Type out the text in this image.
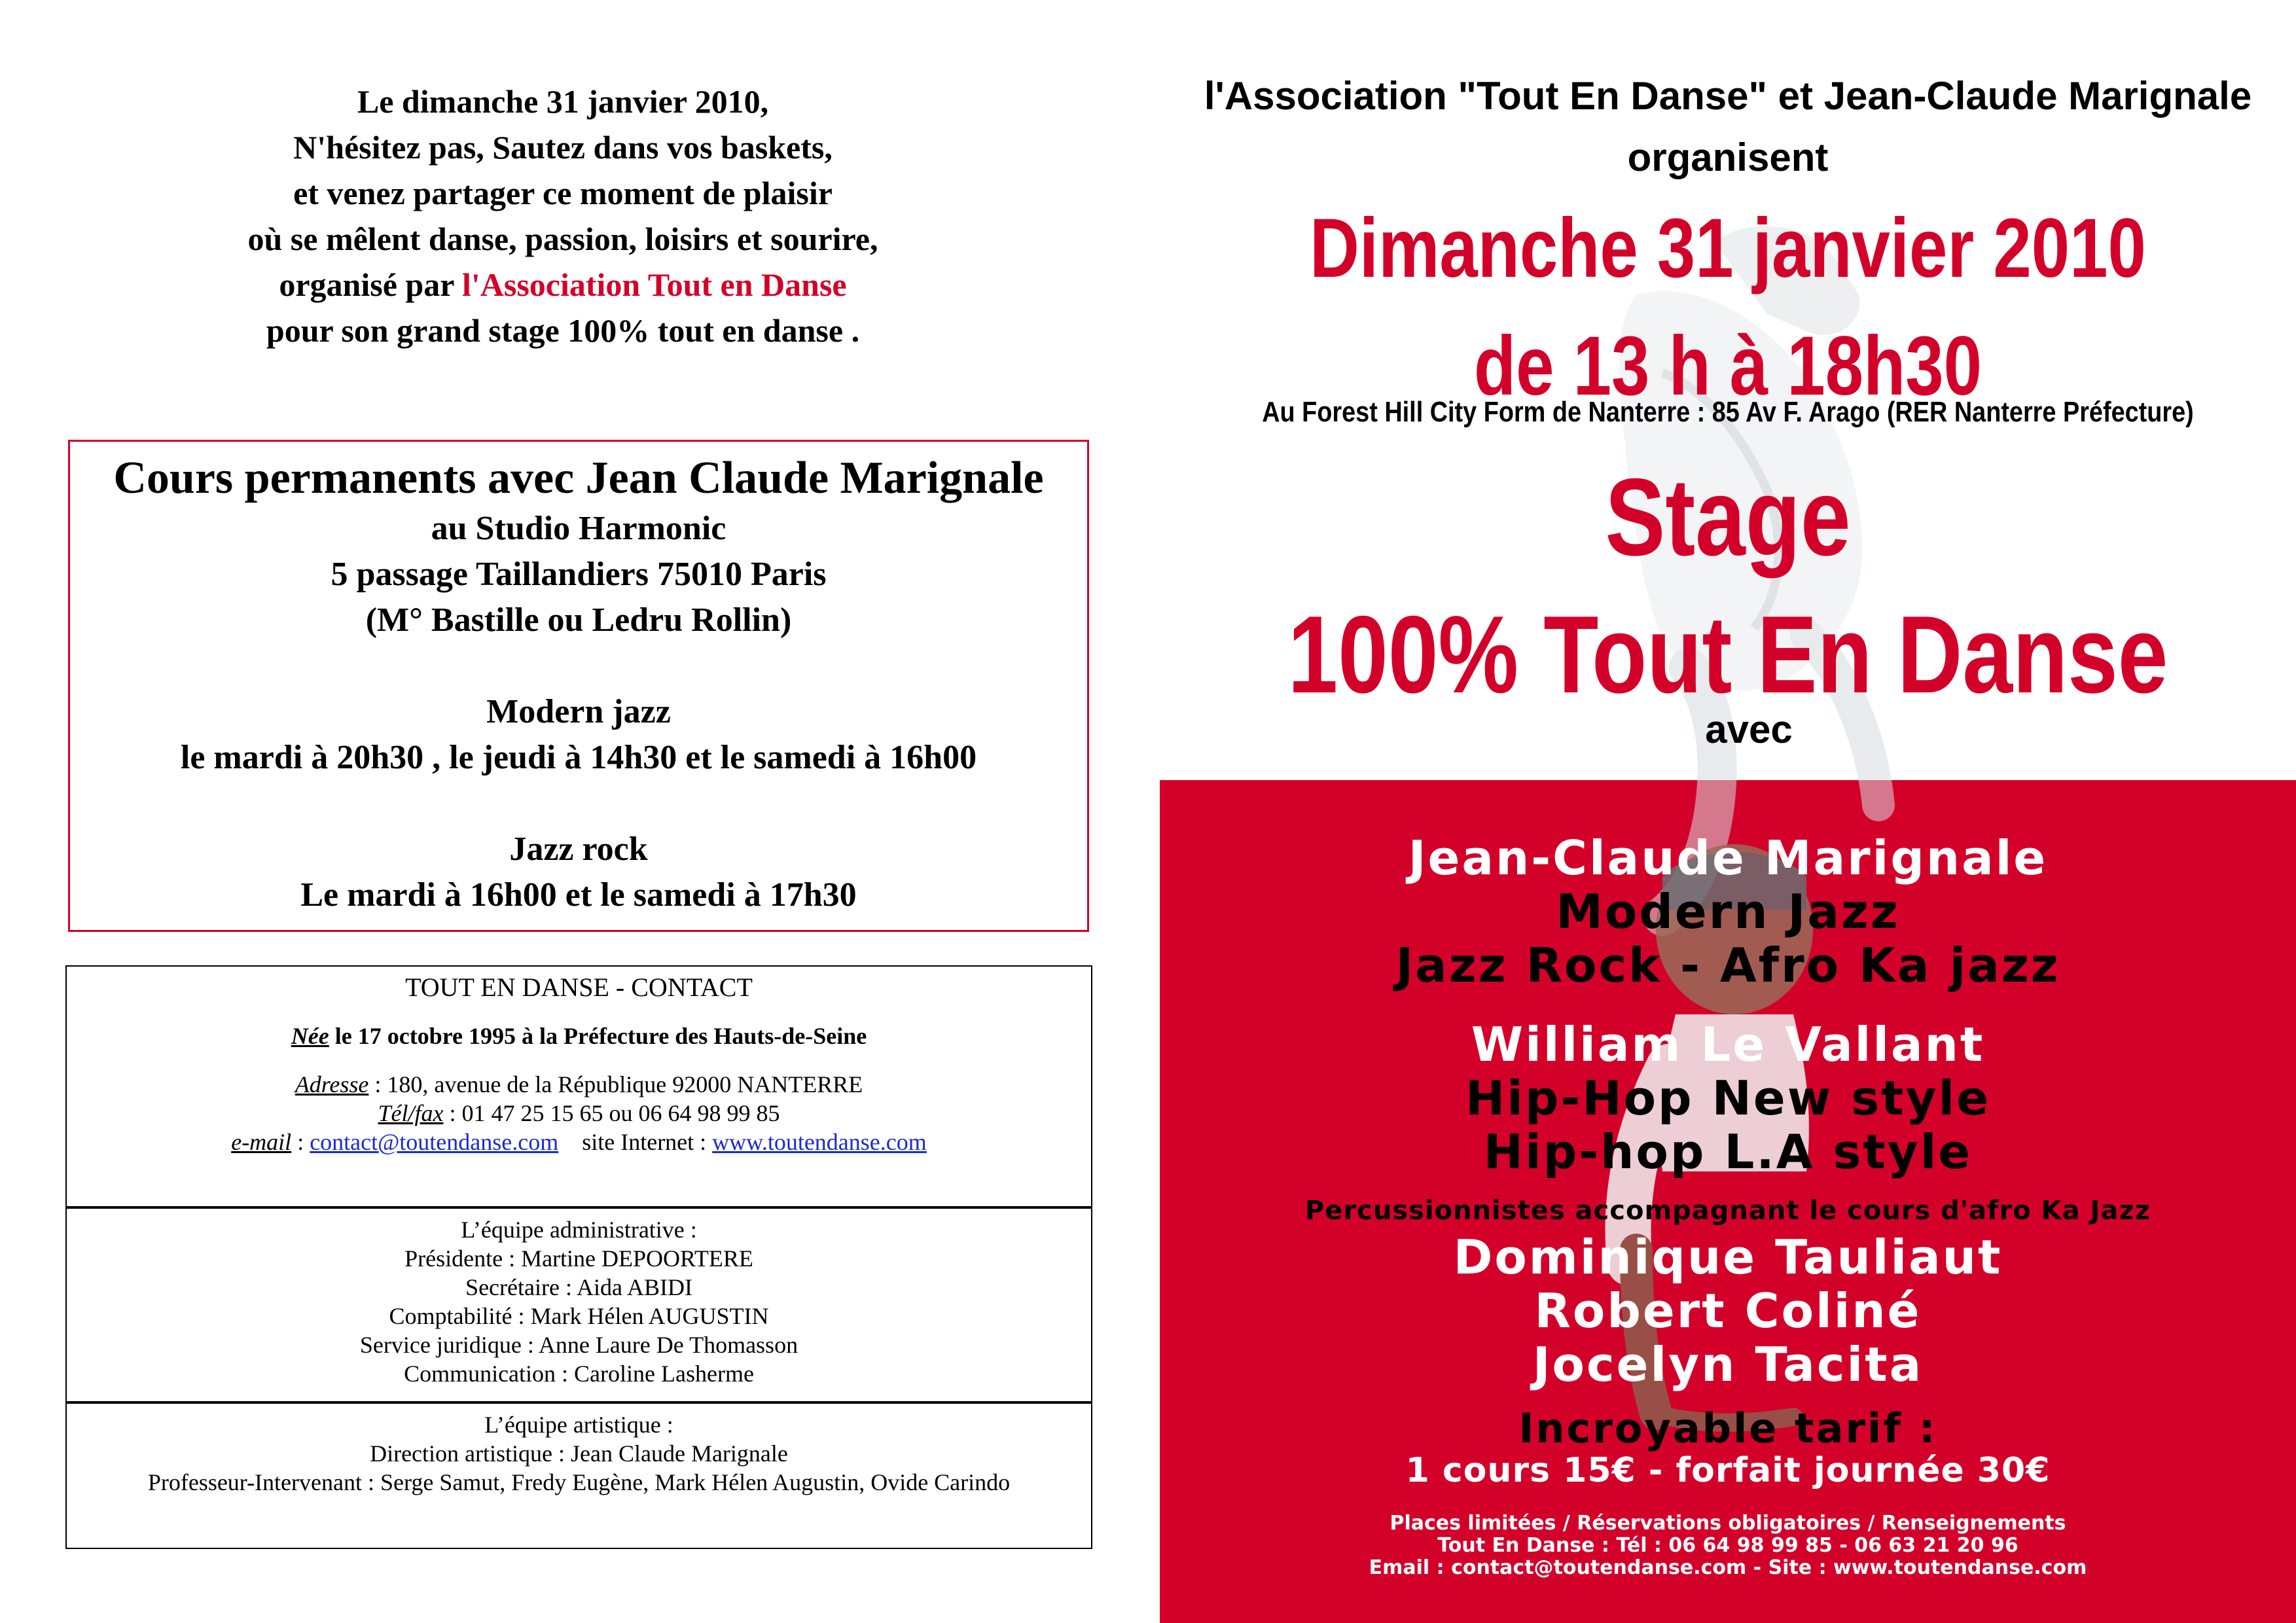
Le dimanche 31 janvier 2010,
N'hésitez pas, Sautez dans vos baskets,
et venez partager ce moment de plaisir
où se mêlent danse, passion, loisirs et sourire,
organisé par l'Association Tout en Danse
pour son grand stage 100% tout en danse .
Cours permanents avec Jean Claude Marignale
au Studio Harmonic
5 passage Taillandiers 75010 Paris
(M° Bastille ou Ledru Rollin)
Modern jazz
le mardi à 20h30 , le jeudi à 14h30 et le samedi à 16h00
Jazz rock
Le mardi à 16h00 et le samedi à 17h30
TOUT EN DANSE - CONTACT
Née le 17 octobre 1995 à la Préfecture des Hauts-de-Seine
Adresse : 180, avenue de la République 92000 NANTERRE
Tél/fax : 01 47 25 15 65 ou 06 64 98 99 85
e-mail : contact@toutendanse.com    site Internet : www.toutendanse.com
L’équipe administrative :
Présidente : Martine DEPOORTERE
Secrétaire : Aida ABIDI
Comptabilité : Mark Hélen AUGUSTIN
Service juridique : Anne Laure De Thomasson
Communication : Caroline Lasherme
L’équipe artistique :
Direction artistique : Jean Claude Marignale
Professeur-Intervenant : Serge Samut, Fredy Eugène, Mark Hélen Augustin, Ovide Carindo
l'Association "Tout En Danse" et Jean-Claude Marignale
organisent
Dimanche 31 janvier 2010
de 13 h à 18h30
Au Forest Hill City Form de Nanterre : 85 Av F. Arago (RER Nanterre Préfecture)
Stage
100% Tout En Danse
avec
Jean-Claude Marignale
Modern Jazz
Jazz Rock - Afro Ka jazz
William Le Vallant
Hip-Hop New style
Hip-hop L.A style
Percussionnistes accompagnant le cours d'afro Ka Jazz
Dominique Tauliaut
Robert Coliné
Jocelyn Tacita
Incroyable tarif :
1 cours 15€ - forfait journée 30€
Places limitées / Réservations obligatoires / Renseignements
Tout En Danse : Tél : 06 64 98 99 85 - 06 63 21 20 96
Email : contact@toutendanse.com - Site : www.toutendanse.com
